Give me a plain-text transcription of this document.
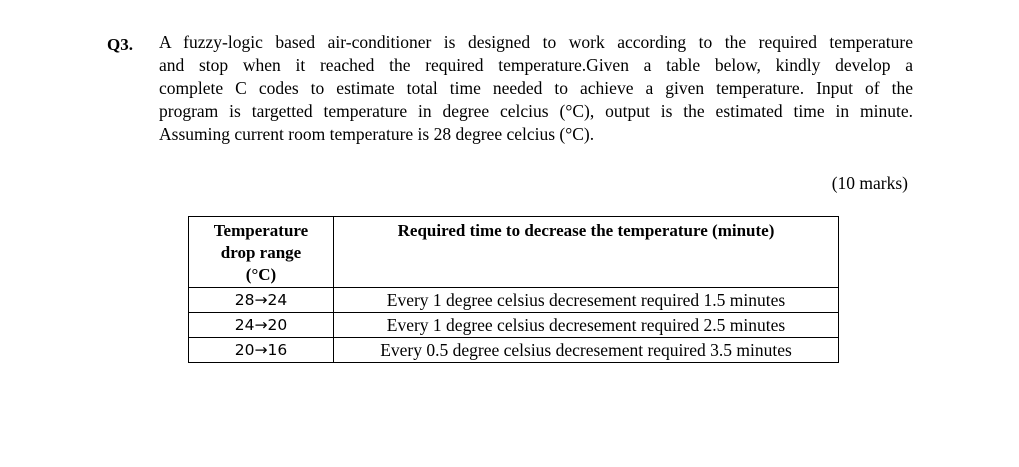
Q3. A fuzzy-logic based air-conditioner is designed to work according to the required temperature
and stop when it reached the required temperature.Given a table below, kindly develop a
complete C codes to estimate total time needed to achieve a given temperature. Input of the
program is targetted temperature in degree celcius (°C), output is the estimated time in minute.
Assuming current room temperature is 28 degree celcius (°C).
(10 marks)
Temperature
drop range
(°C)	Required time to decrease the temperature (minute)
28→24	Every 1 degree celsius decresement required 1.5 minutes
24→20	Every 1 degree celsius decresement required 2.5 minutes
20→16	Every 0.5 degree celsius decresement required 3.5 minutes
